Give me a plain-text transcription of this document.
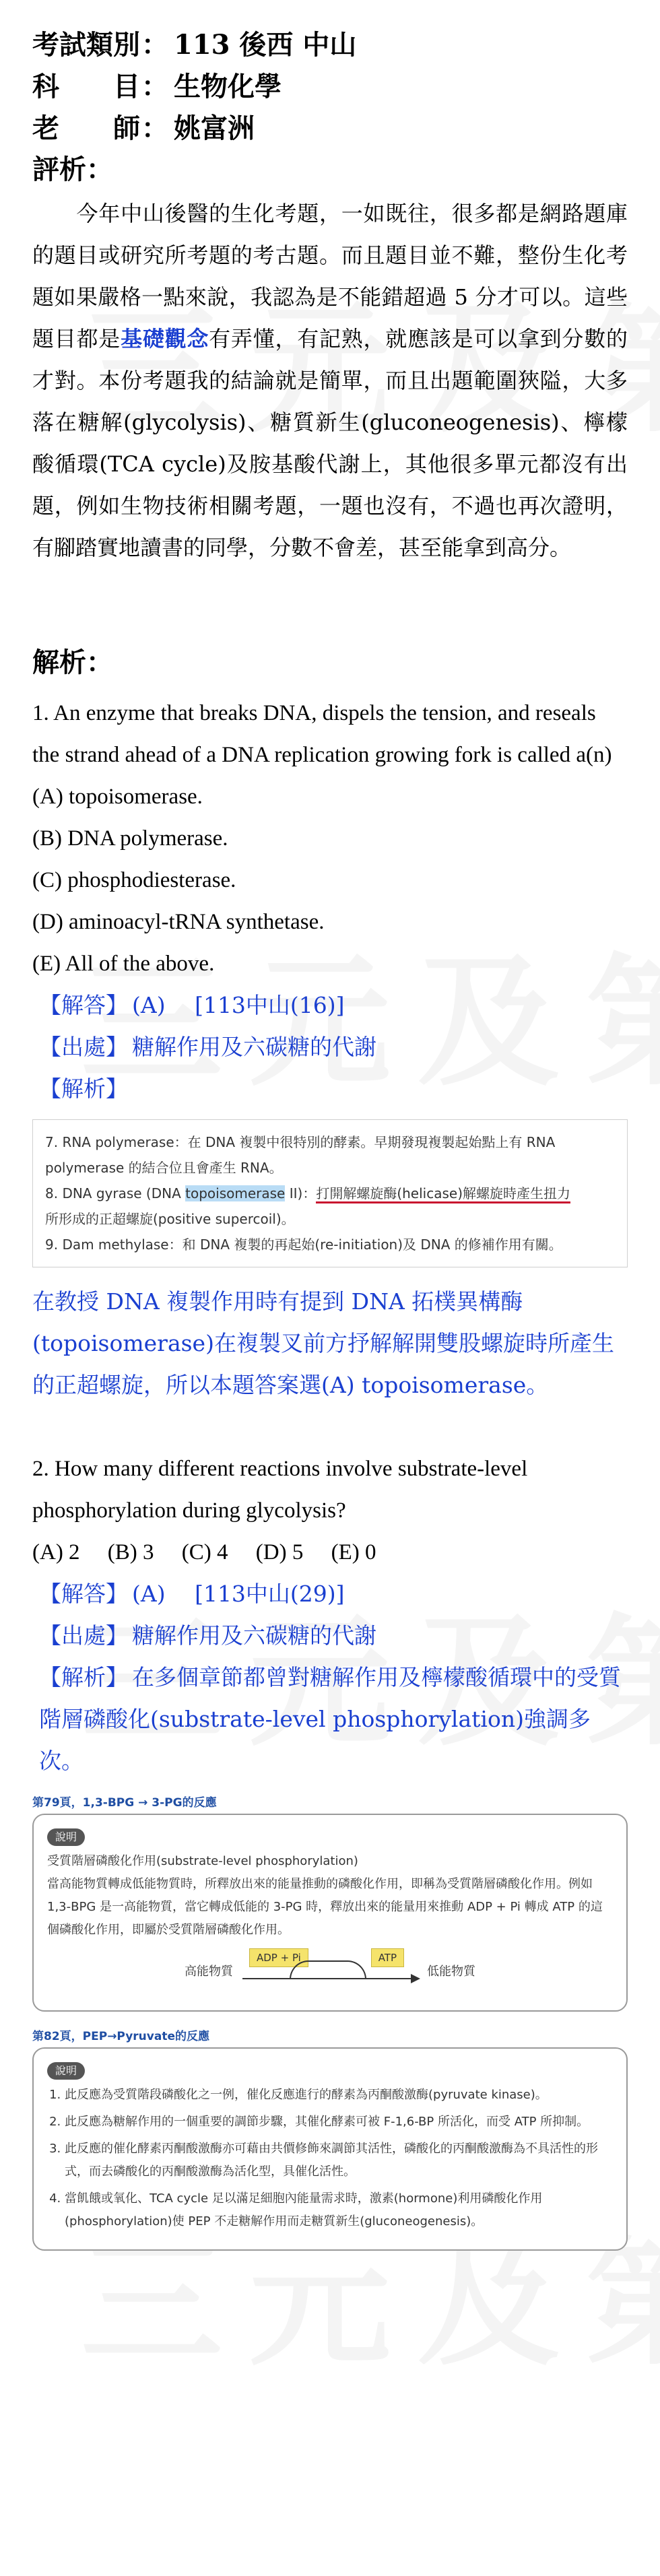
考試類別： 113 後西 中山
科　　目： 生物化學
老　　師： 姚富洲
評析：

　　今年中山後醫的生化考題，一如既往，很多都是網路題庫的題目或研究所考題的考古題。而且題目並不難，整份生化考題如果嚴格一點來說，我認為是不能錯超過 5 分才可以。這些題目都是基礎觀念有弄懂，有記熟，就應該是可以拿到分數的才對。本份考題我的結論就是簡單，而且出題範圍狹隘，大多落在糖解(glycolysis)、糖質新生(gluconeogenesis)、檸檬酸循環(TCA cycle)及胺基酸代謝上，其他很多單元都沒有出題，例如生物技術相關考題，一題也沒有，不過也再次證明，有腳踏實地讀書的同學，分數不會差，甚至能拿到高分。

解析：
1. An enzyme that breaks DNA, dispels the tension, and reseals the strand ahead of a DNA replication growing fork is called a(n)
(A) topoisomerase.
(B) DNA polymerase.
(C) phosphodiesterase.
(D) aminoacyl-tRNA synthetase.
(E) All of the above.
【解答】 (A)　 [113中山(16)]
【出處】 糖解作用及六碳糖的代謝
【解析】
7. RNA polymerase：在 DNA 複製中很特別的酵素。早期發現複製起始點上有 RNA polymerase 的結合位且會產生 RNA。
8. DNA gyrase (DNA topoisomerase II)：打開解螺旋酶(helicase)解螺旋時產生扭力
所形成的正超螺旋(positive supercoil)。
9. Dam methylase：和 DNA 複製的再起始(re-initiation)及 DNA 的修補作用有關。
在教授 DNA 複製作用時有提到 DNA 拓樸異構酶(topoisomerase)在複製叉前方抒解解開雙股螺旋時所產生的正超螺旋，所以本題答案選(A) topoisomerase。
2. How many different reactions involve substrate-level phosphorylation during glycolysis?
(A) 2　 (B) 3　 (C) 4　 (D) 5　 (E) 0
【解答】 (A)　 [113中山(29)]
【出處】 糖解作用及六碳糖的代謝
【解析】 在多個章節都曾對糖解作用及檸檬酸循環中的受質階層磷酸化(substrate-level phosphorylation)強調多次。
第79頁，1,3-BPG → 3-PG的反應
說明
受質階層磷酸化作用(substrate-level phosphorylation)
當高能物質轉成低能物質時，所釋放出來的能量推動的磷酸化作用，即稱為受質階層磷酸化作用。例如 1,3-BPG 是一高能物質，當它轉成低能的 3-PG 時，釋放出來的能量用來推動 ADP + Pi 轉成 ATP 的這個磷酸化作用，即屬於受質階層磷酸化作用。
高能物質
ADP + Pi	ATP
低能物質
第82頁，PEP→Pyruvate的反應
說明
1. 此反應為受質階段磷酸化之一例，催化反應進行的酵素為丙酮酸激酶(pyruvate kinase)。
2. 此反應為糖解作用的一個重要的調節步驟，其催化酵素可被 F-1,6-BP 所活化，而受 ATP 所抑制。
3. 此反應的催化酵素丙酮酸激酶亦可藉由共價修飾來調節其活性，磷酸化的丙酮酸激酶為不具活性的形式，而去磷酸化的丙酮酸激酶為活化型，具催化活性。
4. 當飢餓或氧化、TCA cycle 足以滿足細胞內能量需求時，激素(hormone)利用磷酸化作用(phosphorylation)使 PEP 不走糖解作用而走糖質新生(gluconeogenesis)。
